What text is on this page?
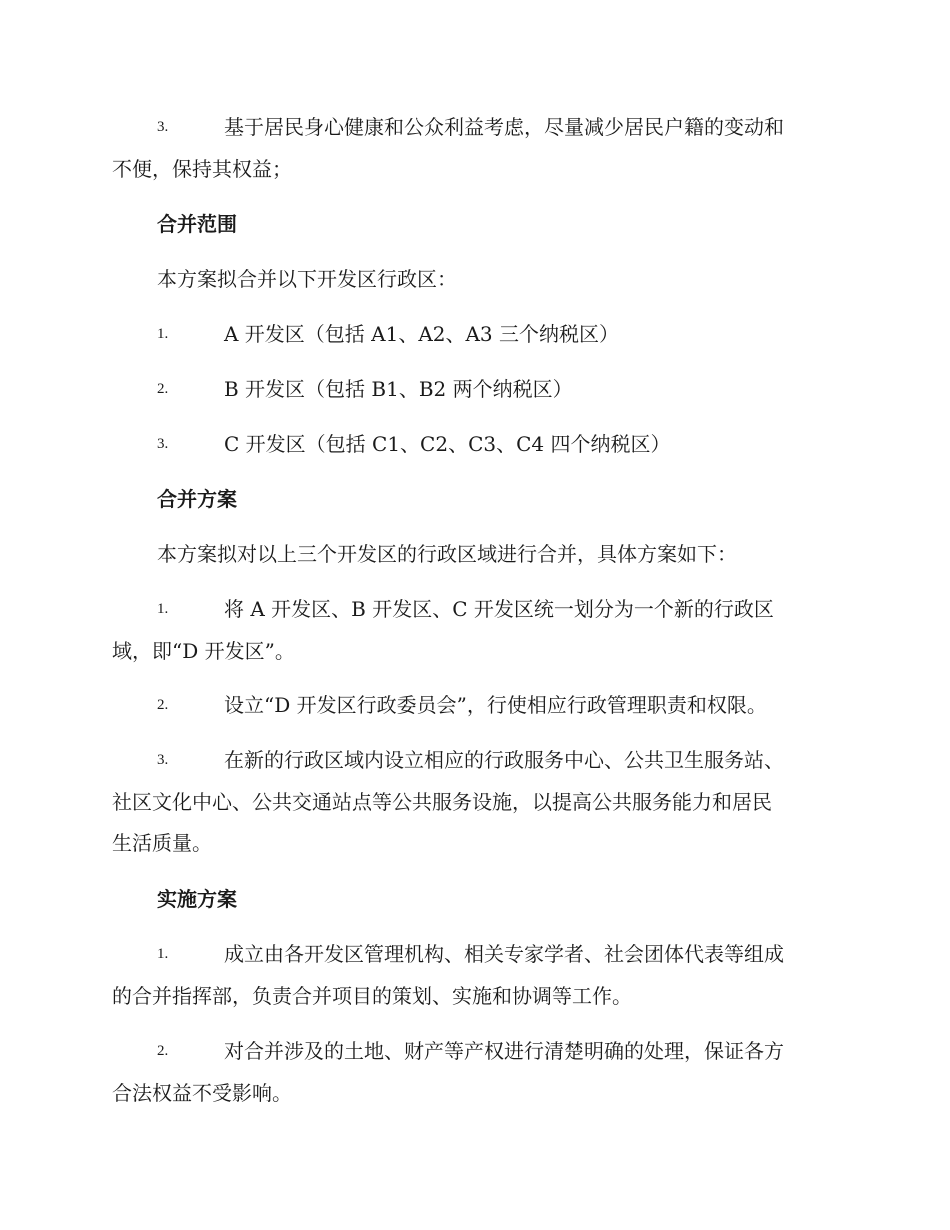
3.	基于居民身心健康和公众利益考虑，尽量减少居民户籍的变动和
不便，保持其权益；
合并范围
本方案拟合并以下开发区行政区：
1.	A 开发区（包括 A1、A2、A3 三个纳税区）
2.	B 开发区（包括 B1、B2 两个纳税区）
3.	C 开发区（包括 C1、C2、C3、C4 四个纳税区）
合并方案
本方案拟对以上三个开发区的行政区域进行合并，具体方案如下：
1.	将 A 开发区、B 开发区、C 开发区统一划分为一个新的行政区
域，即“D 开发区”。
2.	设立“D 开发区行政委员会”，行使相应行政管理职责和权限。
3.	在新的行政区域内设立相应的行政服务中心、公共卫生服务站、
社区文化中心、公共交通站点等公共服务设施，以提高公共服务能力和居民
生活质量。
实施方案
1.	成立由各开发区管理机构、相关专家学者、社会团体代表等组成
的合并指挥部，负责合并项目的策划、实施和协调等工作。
2.	对合并涉及的土地、财产等产权进行清楚明确的处理，保证各方
合法权益不受影响。
